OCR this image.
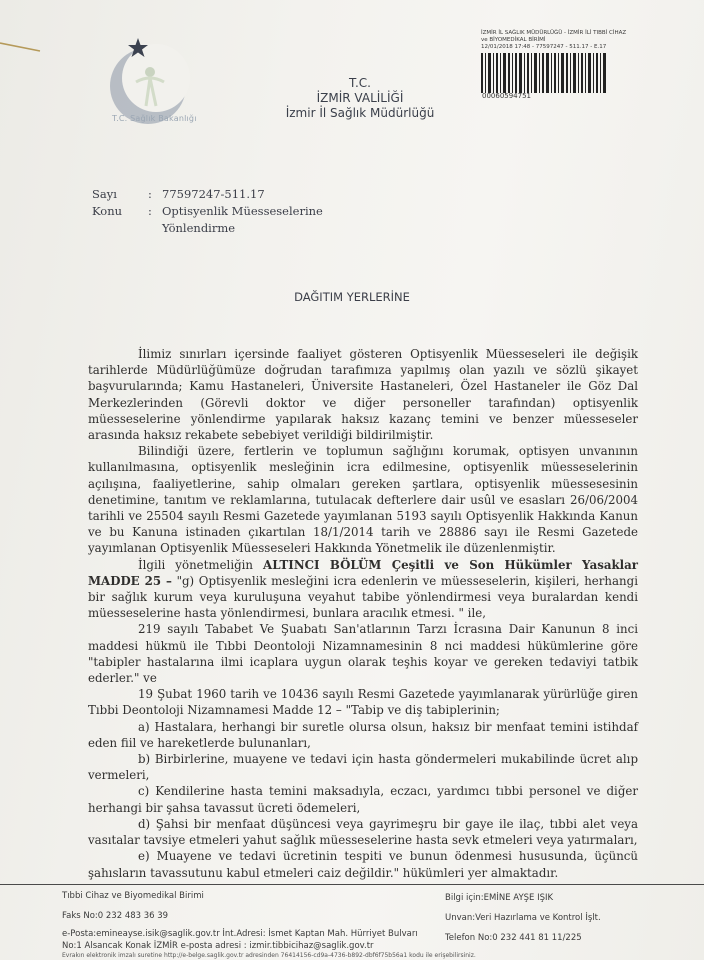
T.C. Sağlık Bakanlığı
T.C.
İZMİR VALİLİĞİ
İzmir İl Sağlık Müdürlüğü
İZMİR İL SAĞLIK MÜDÜRLÜĞÜ - İZMİR İLİ TIBBİ CİHAZ
ve BİYOMEDİKAL BİRİMİ
12/01/2018 17:48 - 77597247 - 511.17 - E.17
00060594751
Sayı	: 77597247-511.17
Konu	: Optisyenlik Müesseselerine Yönlendirme
DAĞITIM YERLERİNE

İlimiz sınırları içersinde faaliyet gösteren Optisyenlik Müesseseleri ile değişik tarihlerde Müdürlüğümüze doğrudan tarafımıza yapılmış olan yazılı ve sözlü şikayet başvurularında; Kamu Hastaneleri, Üniversite Hastaneleri, Özel Hastaneler ile Göz Dal Merkezlerinden (Görevli doktor ve diğer personeller tarafından) optisyenlik müesseselerine yönlendirme yapılarak haksız kazanç temini ve benzer müesseseler arasında haksız rekabete sebebiyet verildiği bildirilmiştir.

Bilindiği üzere, fertlerin ve toplumun sağlığını korumak, optisyen unvanının kullanılmasına, optisyenlik mesleğinin icra edilmesine, optisyenlik müesseselerinin açılışına, faaliyetlerine, sahip olmaları gereken şartlara, optisyenlik müessesesinin denetimine, tanıtım ve reklamlarına, tutulacak defterlere dair usûl ve esasları 26/06/2004 tarihli ve 25504 sayılı Resmi Gazetede yayımlanan 5193 sayılı Optisyenlik Hakkında Kanun ve bu Kanuna istinaden çıkartılan 18/1/2014 tarih ve 28886 sayı ile Resmi Gazetede yayımlanan Optisyenlik Müesseseleri Hakkında Yönetmelik ile düzenlenmiştir.

İlgili yönetmeliğin ALTINCI BÖLÜM Çeşitli ve Son Hükümler Yasaklar MADDE 25 – "g) Optisyenlik mesleğini icra edenlerin ve müesseselerin, kişileri, herhangi bir sağlık kurum veya kuruluşuna veyahut tabibe yönlendirmesi veya buralardan kendi müesseselerine hasta yönlendirmesi, bunlara aracılık etmesi. " ile,

219 sayılı Tababet Ve Şuabatı San'atlarının Tarzı İcrasına Dair Kanunun 8 inci maddesi hükmü ile Tıbbi Deontoloji Nizamnamesinin 8 nci maddesi hükümlerine göre "tabipler hastalarına ilmi icaplara uygun olarak teşhis koyar ve gereken tedaviyi tatbik ederler." ve

19 Şubat 1960 tarih ve 10436 sayılı Resmi Gazetede yayımlanarak yürürlüğe giren Tıbbi Deontoloji Nizamnamesi Madde 12 – "Tabip ve diş tabiplerinin;

a) Hastalara, herhangi bir suretle olursa olsun, haksız bir menfaat temini istihdaf eden fiil ve hareketlerde bulunanları,

b) Birbirlerine, muayene ve tedavi için hasta göndermeleri mukabilinde ücret alıp vermeleri,

c) Kendilerine hasta temini maksadıyla, eczacı, yardımcı tıbbi personel ve diğer herhangi bir şahsa tavassut ücreti ödemeleri,

d) Şahsi bir menfaat düşüncesi veya gayrimeşru bir gaye ile ilaç, tıbbi alet veya vasıtalar tavsiye etmeleri yahut sağlık müesseselerine hasta sevk etmeleri veya yatırmaları,

e) Muayene ve tedavi ücretinin tespiti ve bunun ödenmesi hususunda, üçüncü şahısların tavassutunu kabul etmeleri caiz değildir." hükümleri yer almaktadır.

Tıbbi Cihaz ve Biyomedikal Birimi
Faks No:0 232 483 36 39
e-Posta:emineayse.isik@saglik.gov.tr İnt.Adresi: İsmet Kaptan Mah. Hürriyet Bulvarı
No:1 Alsancak Konak İZMİR e-posta adresi : izmir.tibbicihaz@saglik.gov.tr
Bilgi için:EMİNE AYŞE IŞIK
Unvan:Veri Hazırlama ve Kontrol İşlt.
Telefon No:0 232 441 81 11/225
Evrakın elektronik imzalı suretine http://e-belge.saglik.gov.tr adresinden 76414156-cd9a-4736-b892-dbf6f75b56a1 kodu ile erişebilirsiniz.
